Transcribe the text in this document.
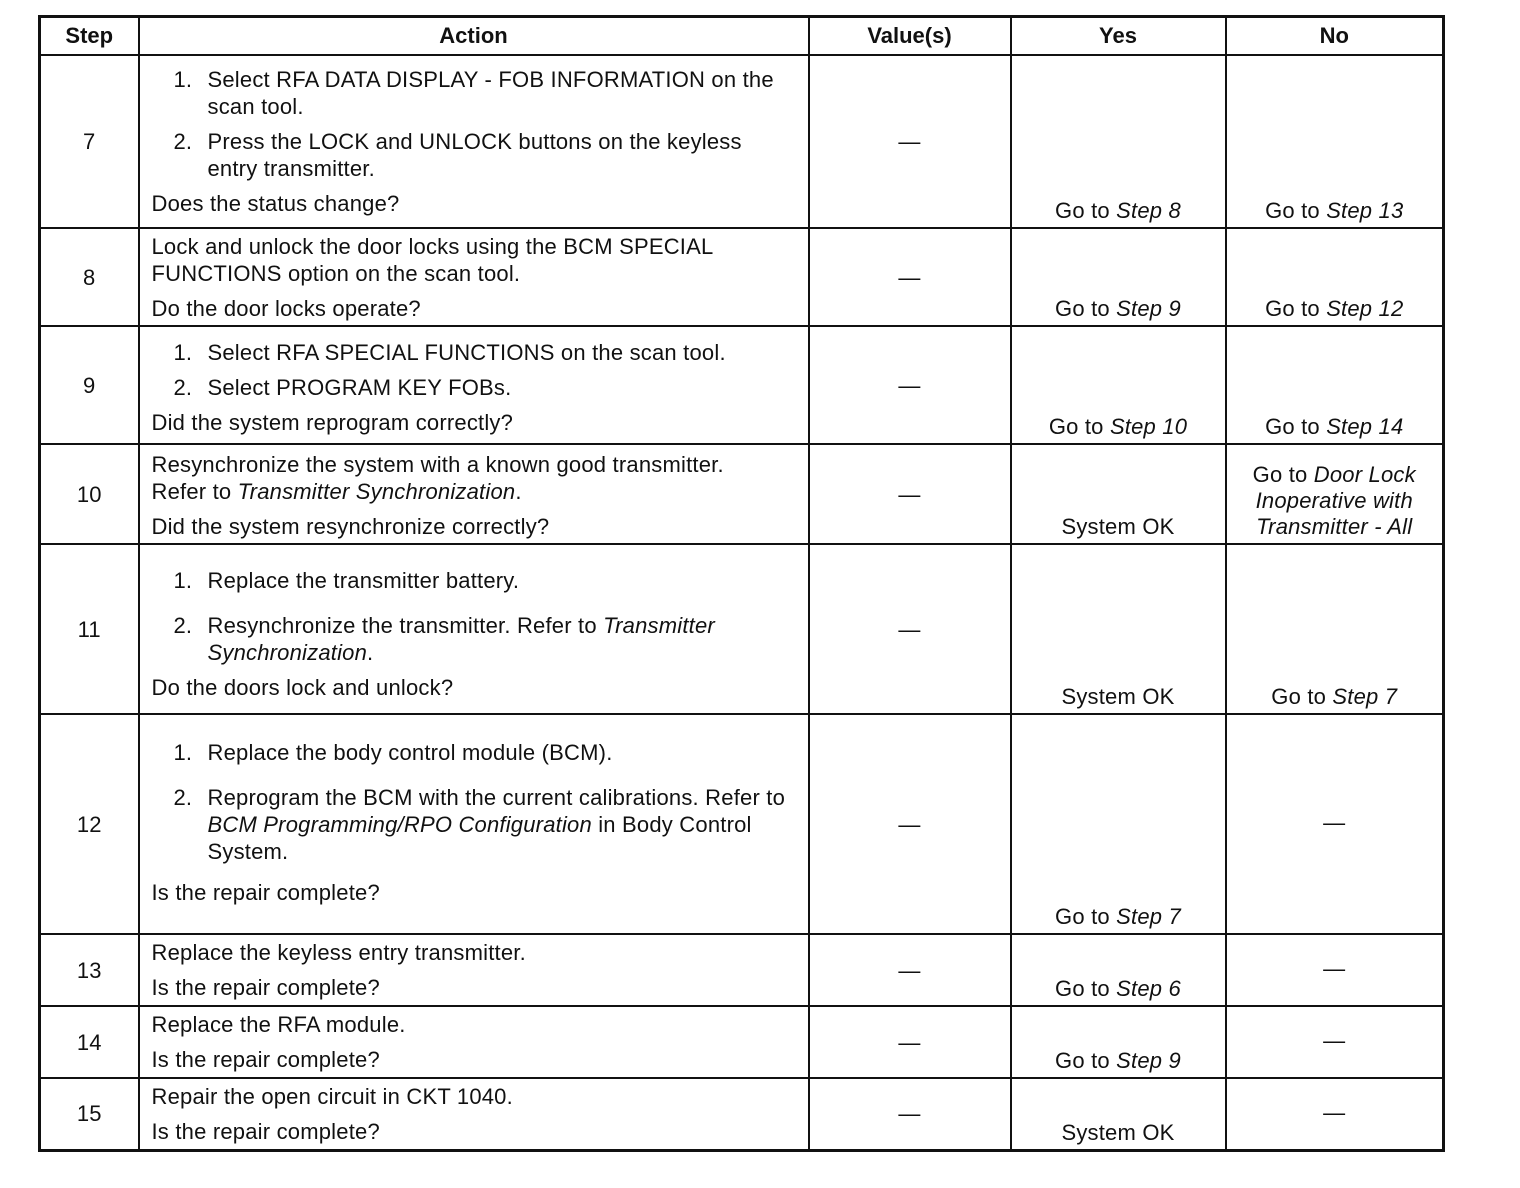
Step	Action	Value(s)	Yes	No
7	1. Select RFA DATA DISPLAY - FOB INFORMATION on the scan tool.
2. Press the LOCK and UNLOCK buttons on the keyless entry transmitter.
Does the status change?	—	Go to Step 8	Go to Step 13
8	Lock and unlock the door locks using the BCM SPECIAL FUNCTIONS option on the scan tool.
Do the door locks operate?	—	Go to Step 9	Go to Step 12
9	1. Select RFA SPECIAL FUNCTIONS on the scan tool.
2. Select PROGRAM KEY FOBs.
Did the system reprogram correctly?	—	Go to Step 10	Go to Step 14
10	Resynchronize the system with a known good transmitter.
Refer to Transmitter Synchronization.
Did the system resynchronize correctly?	—	System OK	Go to Door Lock Inoperative with Transmitter - All
11	1. Replace the transmitter battery.
2. Resynchronize the transmitter. Refer to Transmitter Synchronization.
Do the doors lock and unlock?	—	System OK	Go to Step 7
12	1. Replace the body control module (BCM).
2. Reprogram the BCM with the current calibrations. Refer to BCM Programming/RPO Configuration in Body Control System.
Is the repair complete?	—	Go to Step 7	—
13	Replace the keyless entry transmitter.
Is the repair complete?	—	Go to Step 6	—
14	Replace the RFA module.
Is the repair complete?	—	Go to Step 9	—
15	Repair the open circuit in CKT 1040.
Is the repair complete?	—	System OK	—
